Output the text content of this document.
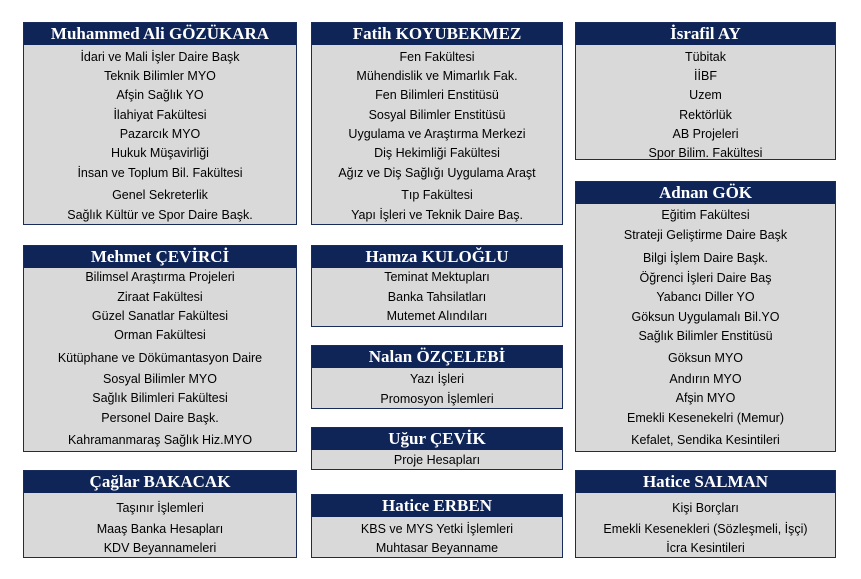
Muhammed Ali GÖZÜKARA
İdari ve Mali İşler Daire Başk
Teknik Bilimler MYO
Afşin Sağlık YO
İlahiyat Fakültesi
Pazarcık MYO
Hukuk Müşavirliği
İnsan ve Toplum Bil. Fakültesi
Genel Sekreterlik
Sağlık Kültür ve Spor Daire Başk.
Fatih KOYUBEKMEZ
Fen Fakültesi
Mühendislik ve Mimarlık Fak.
Fen Bilimleri Enstitüsü
Sosyal Bilimler Enstitüsü
Uygulama ve Araştırma Merkezi
Diş Hekimliği Fakültesi
Ağız ve Diş Sağlığı Uygulama Araşt
Tıp Fakültesi
Yapı İşleri ve Teknik Daire Baş.
İsrafil AY
Tübitak
İİBF
Uzem
Rektörlük
AB Projeleri
Spor Bilim. Fakültesi
Adnan GÖK
Eğitim Fakültesi
Strateji Geliştirme Daire Başk
Bilgi İşlem Daire Başk.
Öğrenci İşleri Daire Baş
Yabancı Diller YO
Göksun Uygulamalı Bil.YO
Sağlık Bilimler Enstitüsü
Göksun MYO
Andırın MYO
Afşin MYO
Emekli Kesenekelri (Memur)
Kefalet, Sendika Kesintileri
Mehmet ÇEVİRCİ
Bilimsel Araştırma Projeleri
Ziraat Fakültesi
Güzel Sanatlar Fakültesi
Orman Fakültesi
Kütüphane ve Dökümantasyon Daire
Sosyal Bilimler MYO
Sağlık Bilimleri Fakültesi
Personel Daire Başk.
Kahramanmaraş Sağlık Hiz.MYO
Hamza KULOĞLU
Teminat Mektupları
Banka Tahsilatları
Mutemet Alındıları
Nalan ÖZÇELEBİ
Yazı İşleri
Promosyon İşlemleri
Uğur ÇEVİK
Proje Hesapları
Çağlar BAKACAK
Taşınır İşlemleri
Maaş Banka Hesapları
KDV Beyannameleri
Hatice ERBEN
KBS ve MYS Yetki İşlemleri
Muhtasar Beyanname
Hatice SALMAN
Kişi Borçları
Emekli Kesenekleri (Sözleşmeli, İşçi)
İcra Kesintileri
